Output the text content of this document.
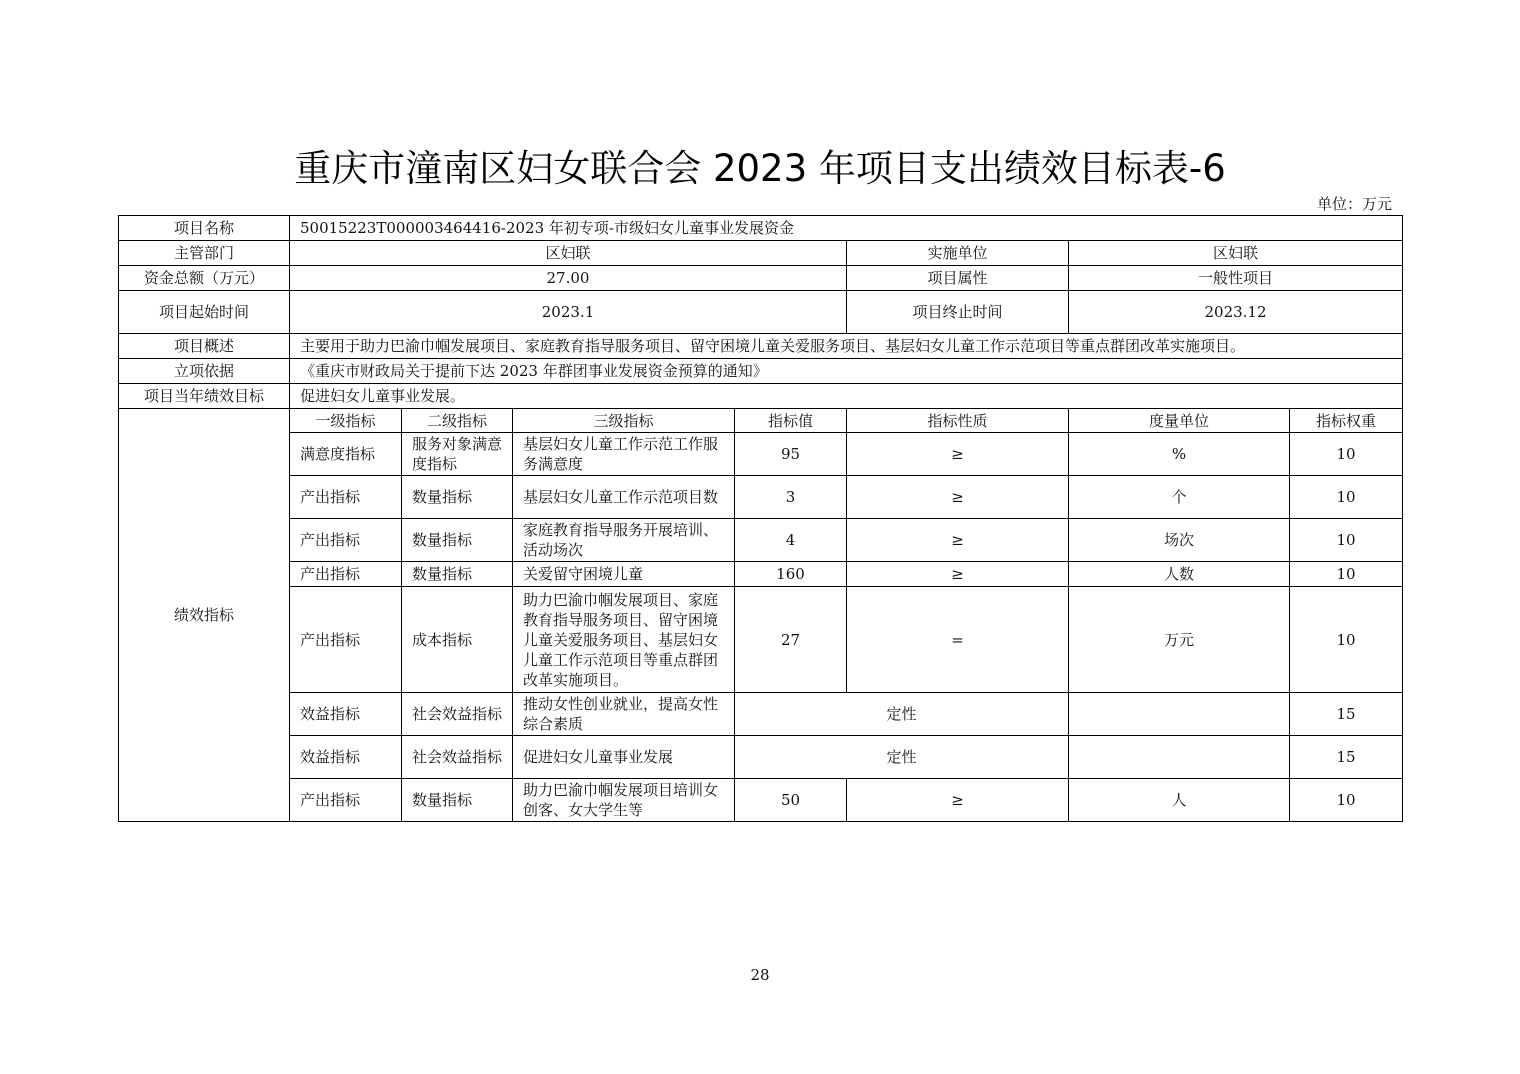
重庆市潼南区妇女联合会 2023 年项目支出绩效目标表-6
单位：万元
项目名称	50015223T000003464416-2023 年初专项-市级妇女儿童事业发展资金						
主管部门	区妇联				实施单位	区妇联	
资金总额（万元）	27.00				项目属性	一般性项目	
项目起始时间	2023.1				项目终止时间	2023.12	
项目概述	主要用于助力巴渝巾帼发展项目、家庭教育指导服务项目、留守困境儿童关爱服务项目、基层妇女儿童工作示范项目等重点群团改革实施项目。						
立项依据	《重庆市财政局关于提前下达 2023 年群团事业发展资金预算的通知》						
项目当年绩效目标	促进妇女儿童事业发展。						
绩效指标	一级指标	二级指标	三级指标	指标值	指标性质	度量单位	指标权重
	满意度指标	服务对象满意度指标	基层妇女儿童工作示范工作服务满意度	95	≥	%	10
	产出指标	数量指标	基层妇女儿童工作示范项目数	3	≥	个	10
	产出指标	数量指标	家庭教育指导服务开展培训、活动场次	4	≥	场次	10
	产出指标	数量指标	关爱留守困境儿童	160	≥	人数	10
	产出指标	成本指标	助力巴渝巾帼发展项目、家庭教育指导服务项目、留守困境儿童关爱服务项目、基层妇女儿童工作示范项目等重点群团改革实施项目。	27	=	万元	10
	效益指标	社会效益指标	推动女性创业就业，提高女性综合素质	定性			15
	效益指标	社会效益指标	促进妇女儿童事业发展	定性			15
	产出指标	数量指标	助力巴渝巾帼发展项目培训女创客、女大学生等	50	≥	人	10
28
